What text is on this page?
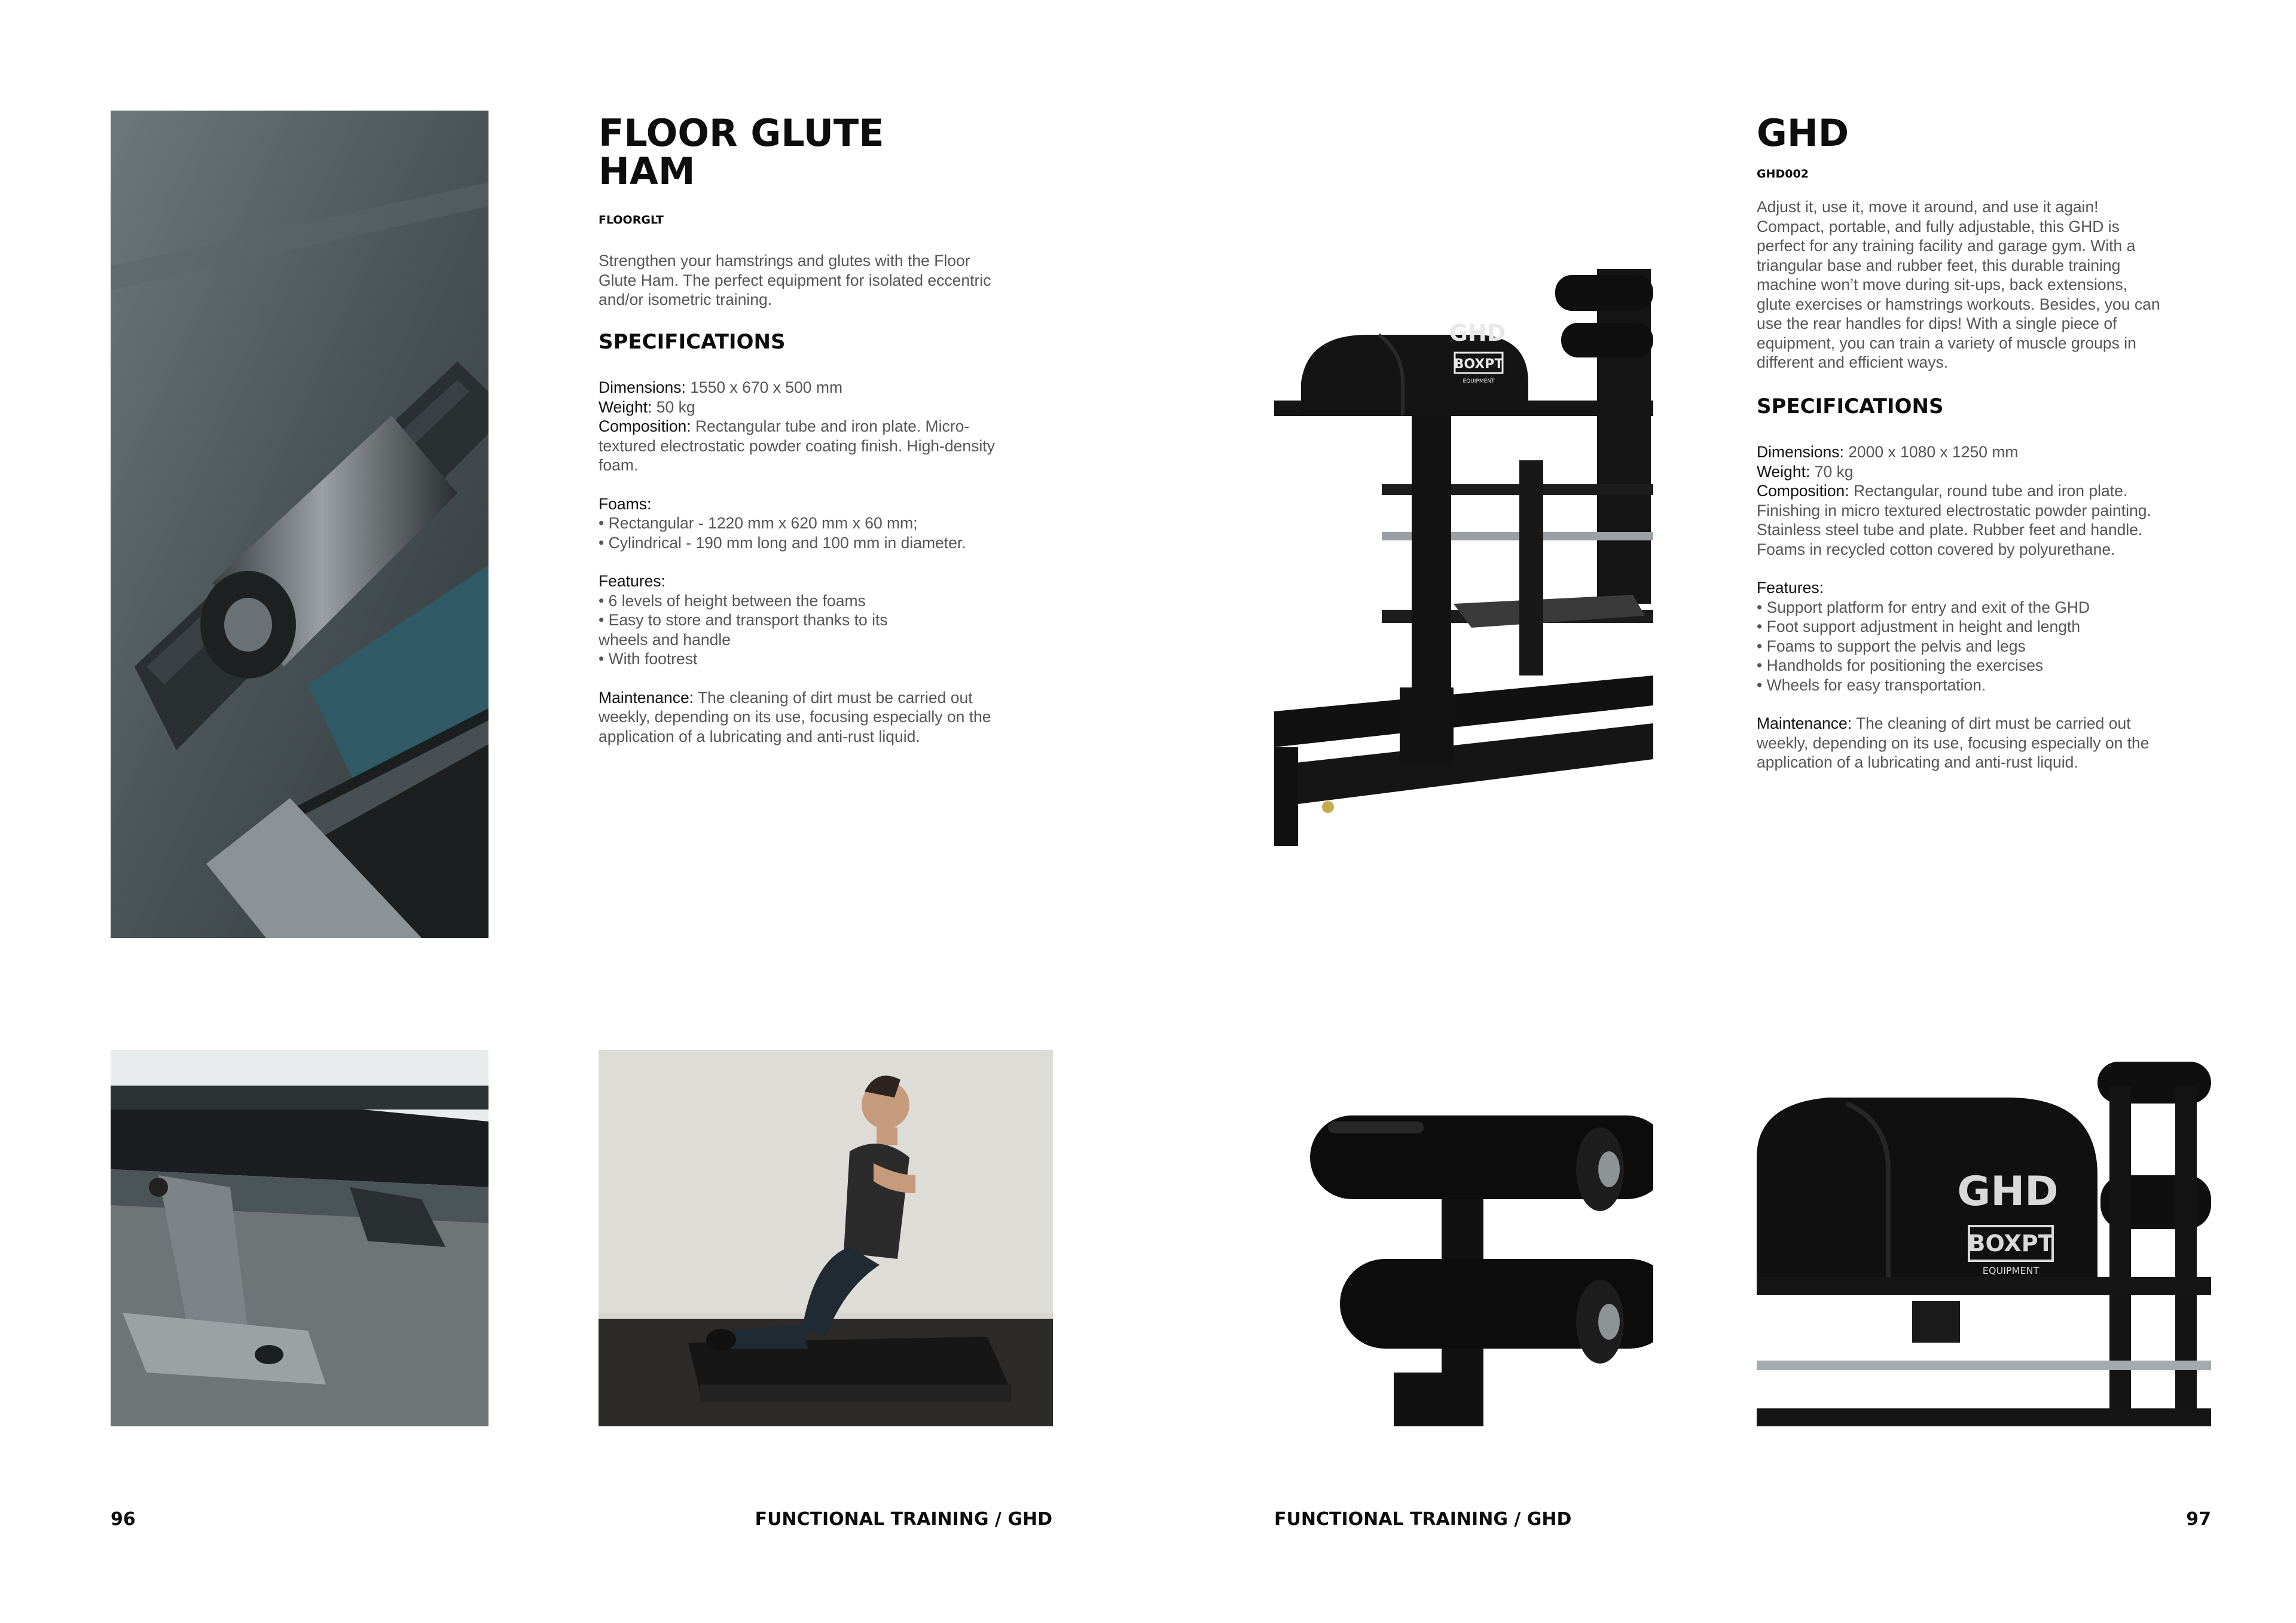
FLOOR GLUTE HAM
FLOORGLT
Strengthen your hamstrings and glutes with the Floor Glute Ham. The perfect equipment for isolated eccentric and/or isometric training.
SPECIFICATIONS
Dimensions: 1550 x 670 x 500 mm
Weight: 50 kg
Composition: Rectangular tube and iron plate. Micro-textured electrostatic powder coating finish. High-density foam.
Foams:
• Rectangular - 1220 mm x 620 mm x 60 mm;
• Cylindrical - 190 mm long and 100 mm in diameter.
Features:
• 6 levels of height between the foams
• Easy to store and transport thanks to its wheels and handle
• With footrest
Maintenance: The cleaning of dirt must be carried out weekly, depending on its use, focusing especially on the application of a lubricating and anti-rust liquid.
GHD
BOXPT
EQUIPMENT
GHD
BOXPT
EQUIPMENT
GHD
GHD002
Adjust it, use it, move it around, and use it again! Compact, portable, and fully adjustable, this GHD is perfect for any training facility and garage gym. With a triangular base and rubber feet, this durable training machine won’t move during sit-ups, back extensions, glute exercises or hamstrings workouts. Besides, you can use the rear handles for dips! With a single piece of equipment, you can train a variety of muscle groups in different and efficient ways.
SPECIFICATIONS
Dimensions: 2000 x 1080 x 1250 mm
Weight: 70 kg
Composition: Rectangular, round tube and iron plate. Finishing in micro textured electrostatic powder painting. Stainless steel tube and plate. Rubber feet and handle. Foams in recycled cotton covered by polyurethane.
Features:
• Support platform for entry and exit of the GHD
• Foot support adjustment in height and length
• Foams to support the pelvis and legs
• Handholds for positioning the exercises
• Wheels for easy transportation.
Maintenance: The cleaning of dirt must be carried out weekly, depending on its use, focusing especially on the application of a lubricating and anti-rust liquid.
96	FUNCTIONAL TRAINING / GHD	FUNCTIONAL TRAINING / GHD	97
